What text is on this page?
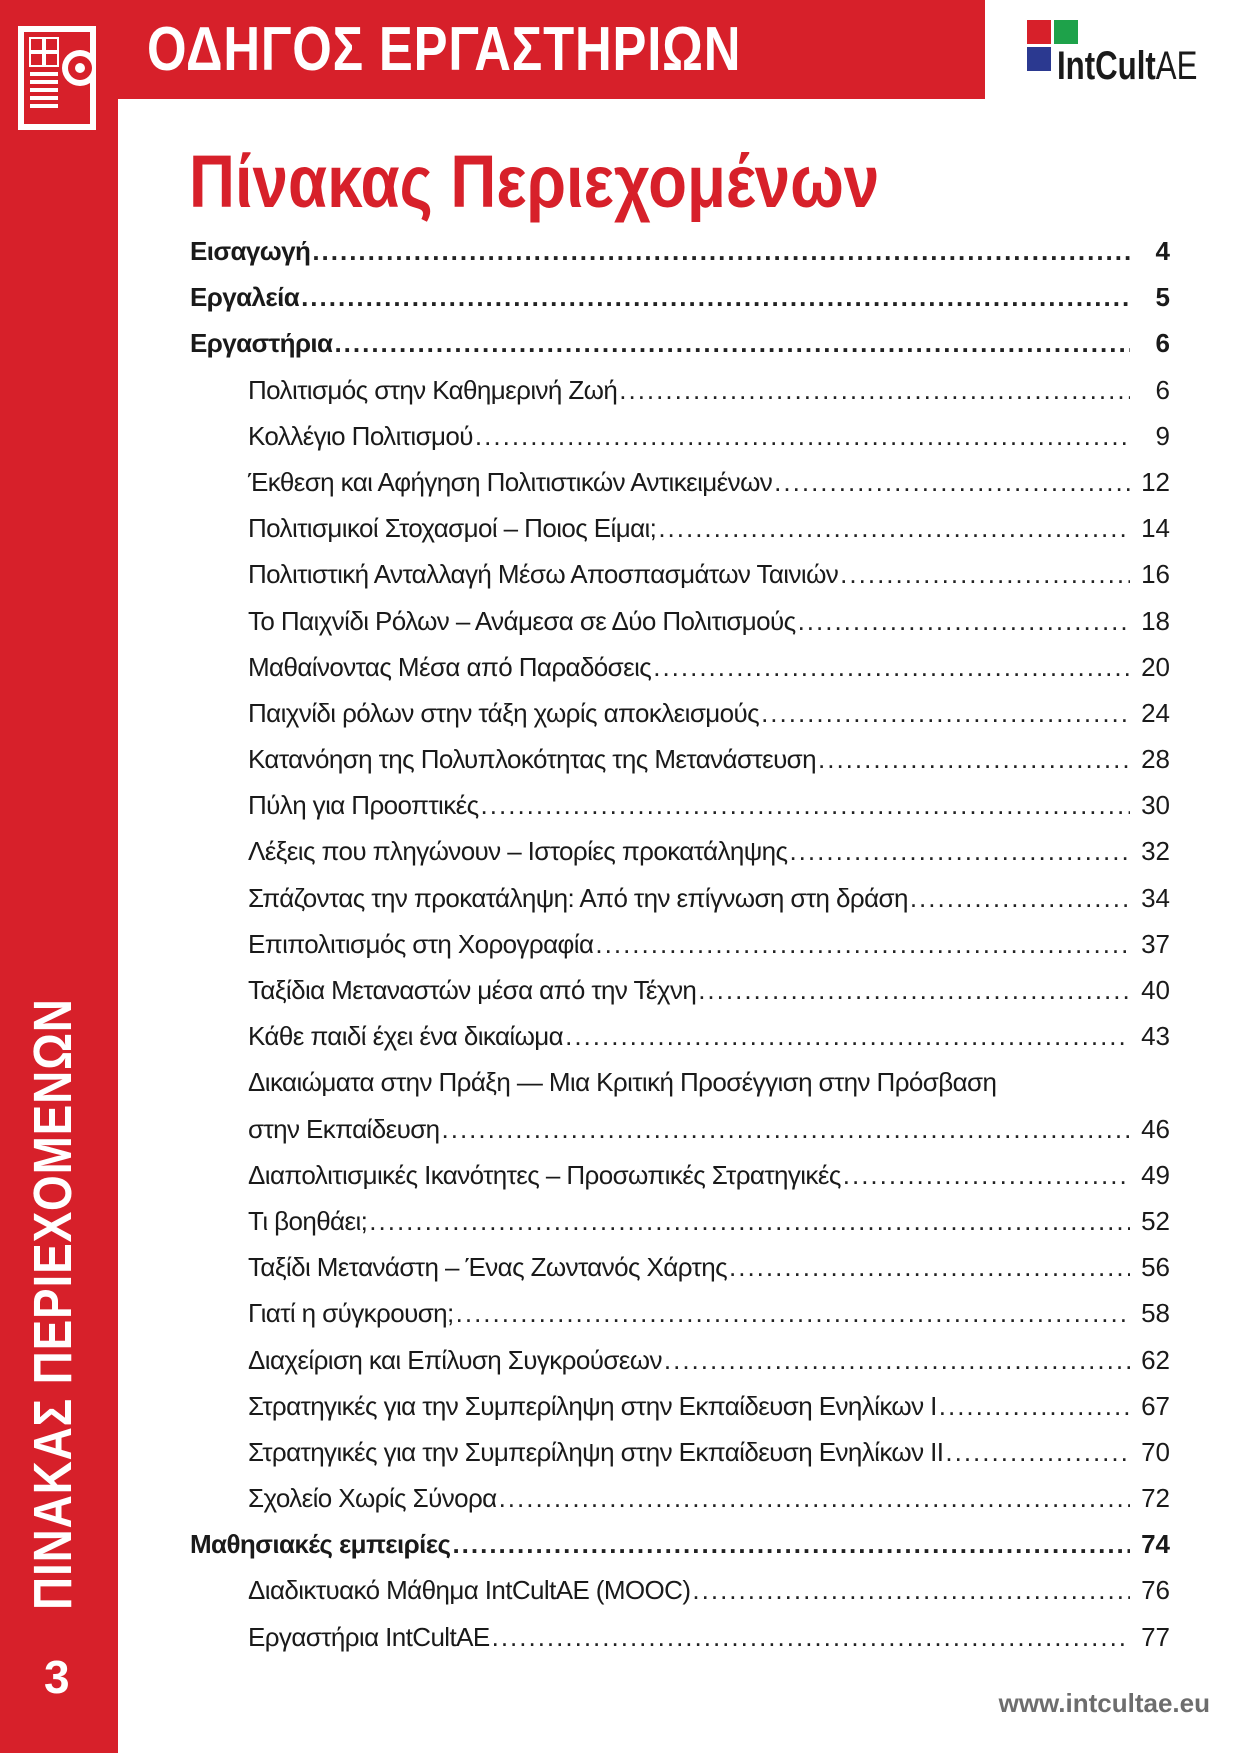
ΟΔΗΓΟΣ ΕΡΓΑΣΤΗΡΙΩΝ	IntCultAE
Πίνακας Περιεχομένων
Εισαγωγή .....	4
Εργαλεία .....	5
Εργαστήρια .....	6
Πολιτισμός στην Καθημερινή Ζωή .....	6
Κολλέγιο Πολιτισμού .....	9
Έκθεση και Αφήγηση Πολιτιστικών Αντικειμένων .....	12
Πολιτισμικοί Στοχασμοί – Ποιος Είμαι; .....	14
Πολιτιστική Ανταλλαγή Μέσω Αποσπασμάτων Ταινιών .....	16
Το Παιχνίδι Ρόλων – Ανάμεσα σε Δύο Πολιτισμούς .....	18
Μαθαίνοντας Μέσα από Παραδόσεις .....	20
Παιχνίδι ρόλων στην τάξη χωρίς αποκλεισμούς .....	24
Κατανόηση της Πολυπλοκότητας της Μετανάστευση .....	28
Πύλη για Προοπτικές .....	30
Λέξεις που πληγώνουν – Ιστορίες προκατάληψης .....	32
Σπάζοντας την προκατάληψη: Από την επίγνωση στη δράση .....	34
Επιπολιτισμός στη Χορογραφία .....	37
Ταξίδια Μεταναστών μέσα από την Τέχνη .....	40
Κάθε παιδί έχει ένα δικαίωμα .....	43
Δικαιώματα στην Πράξη — Μια Κριτική Προσέγγιση στην Πρόσβαση
στην Εκπαίδευση .....	46
Διαπολιτισμικές Ικανότητες – Προσωπικές Στρατηγικές .....	49
Τι βοηθάει; .....	52
Ταξίδι Μετανάστη – Ένας Ζωντανός Χάρτης .....	56
Γιατί η σύγκρουση; .....	58
Διαχείριση και Επίλυση Συγκρούσεων .....	62
Στρατηγικές για την Συμπερίληψη στην Εκπαίδευση Ενηλίκων Ι .....	67
Στρατηγικές για την Συμπερίληψη στην Εκπαίδευση Ενηλίκων ΙΙ .....	70
Σχολείο Χωρίς Σύνορα .....	72
Μαθησιακές εμπειρίες .....	74
Διαδικτυακό Μάθημα IntCultAE (MOOC) .....	76
Εργαστήρια IntCultAE .....	77
ΠΙΝΑΚΑΣ ΠΕΡΙΕΧΟΜΕΝΩΝ
3	www.intcultae.eu
